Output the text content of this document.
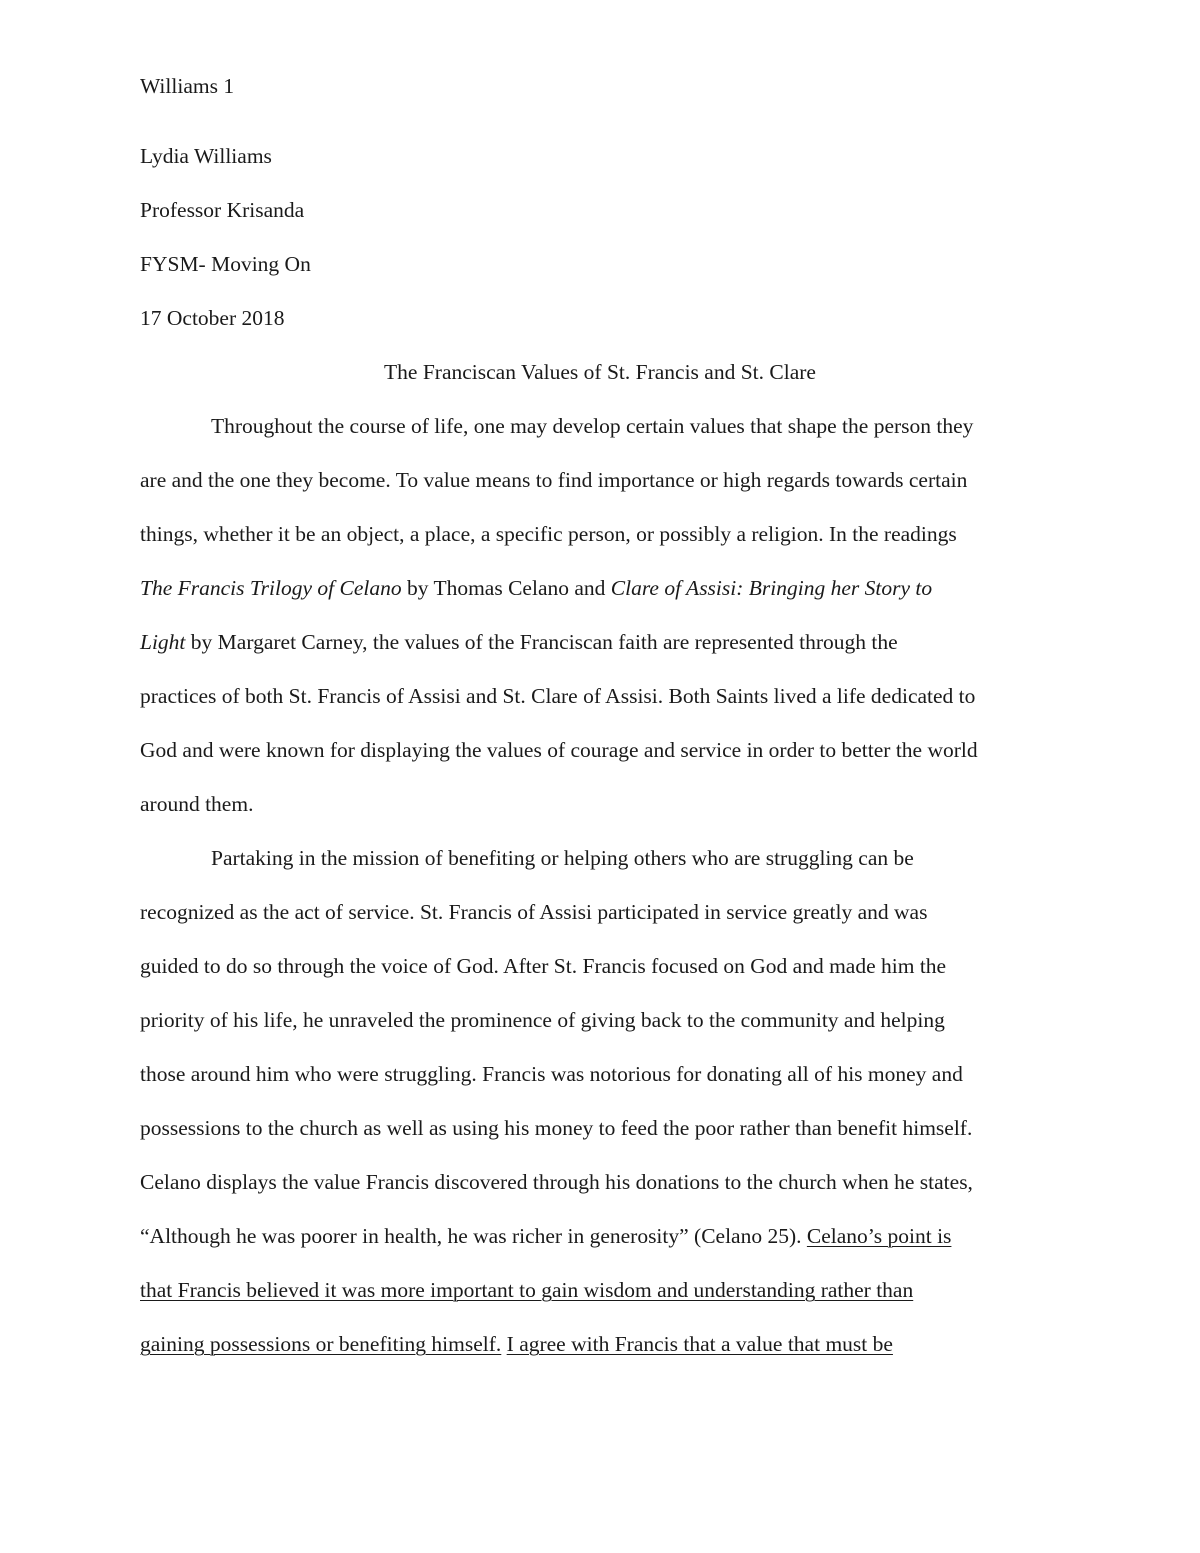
Williams 1
Lydia Williams
Professor Krisanda
FYSM- Moving On
17 October 2018
The Franciscan Values of St. Francis and St. Clare
Throughout the course of life, one may develop certain values that shape the person they
are and the one they become. To value means to find importance or high regards towards certain
things, whether it be an object, a place, a specific person, or possibly a religion. In the readings
The Francis Trilogy of Celano by Thomas Celano and Clare of Assisi: Bringing her Story to
Light by Margaret Carney, the values of the Franciscan faith are represented through the
practices of both St. Francis of Assisi and St. Clare of Assisi. Both Saints lived a life dedicated to
God and were known for displaying the values of courage and service in order to better the world
around them.
Partaking in the mission of benefiting or helping others who are struggling can be
recognized as the act of service. St. Francis of Assisi participated in service greatly and was
guided to do so through the voice of God. After St. Francis focused on God and made him the
priority of his life, he unraveled the prominence of giving back to the community and helping
those around him who were struggling. Francis was notorious for donating all of his money and
possessions to the church as well as using his money to feed the poor rather than benefit himself.
Celano displays the value Francis discovered through his donations to the church when he states,
“Although he was poorer in health, he was richer in generosity” (Celano 25). Celano’s point is
that Francis believed it was more important to gain wisdom and understanding rather than
gaining possessions or benefiting himself. I agree with Francis that a value that must be
